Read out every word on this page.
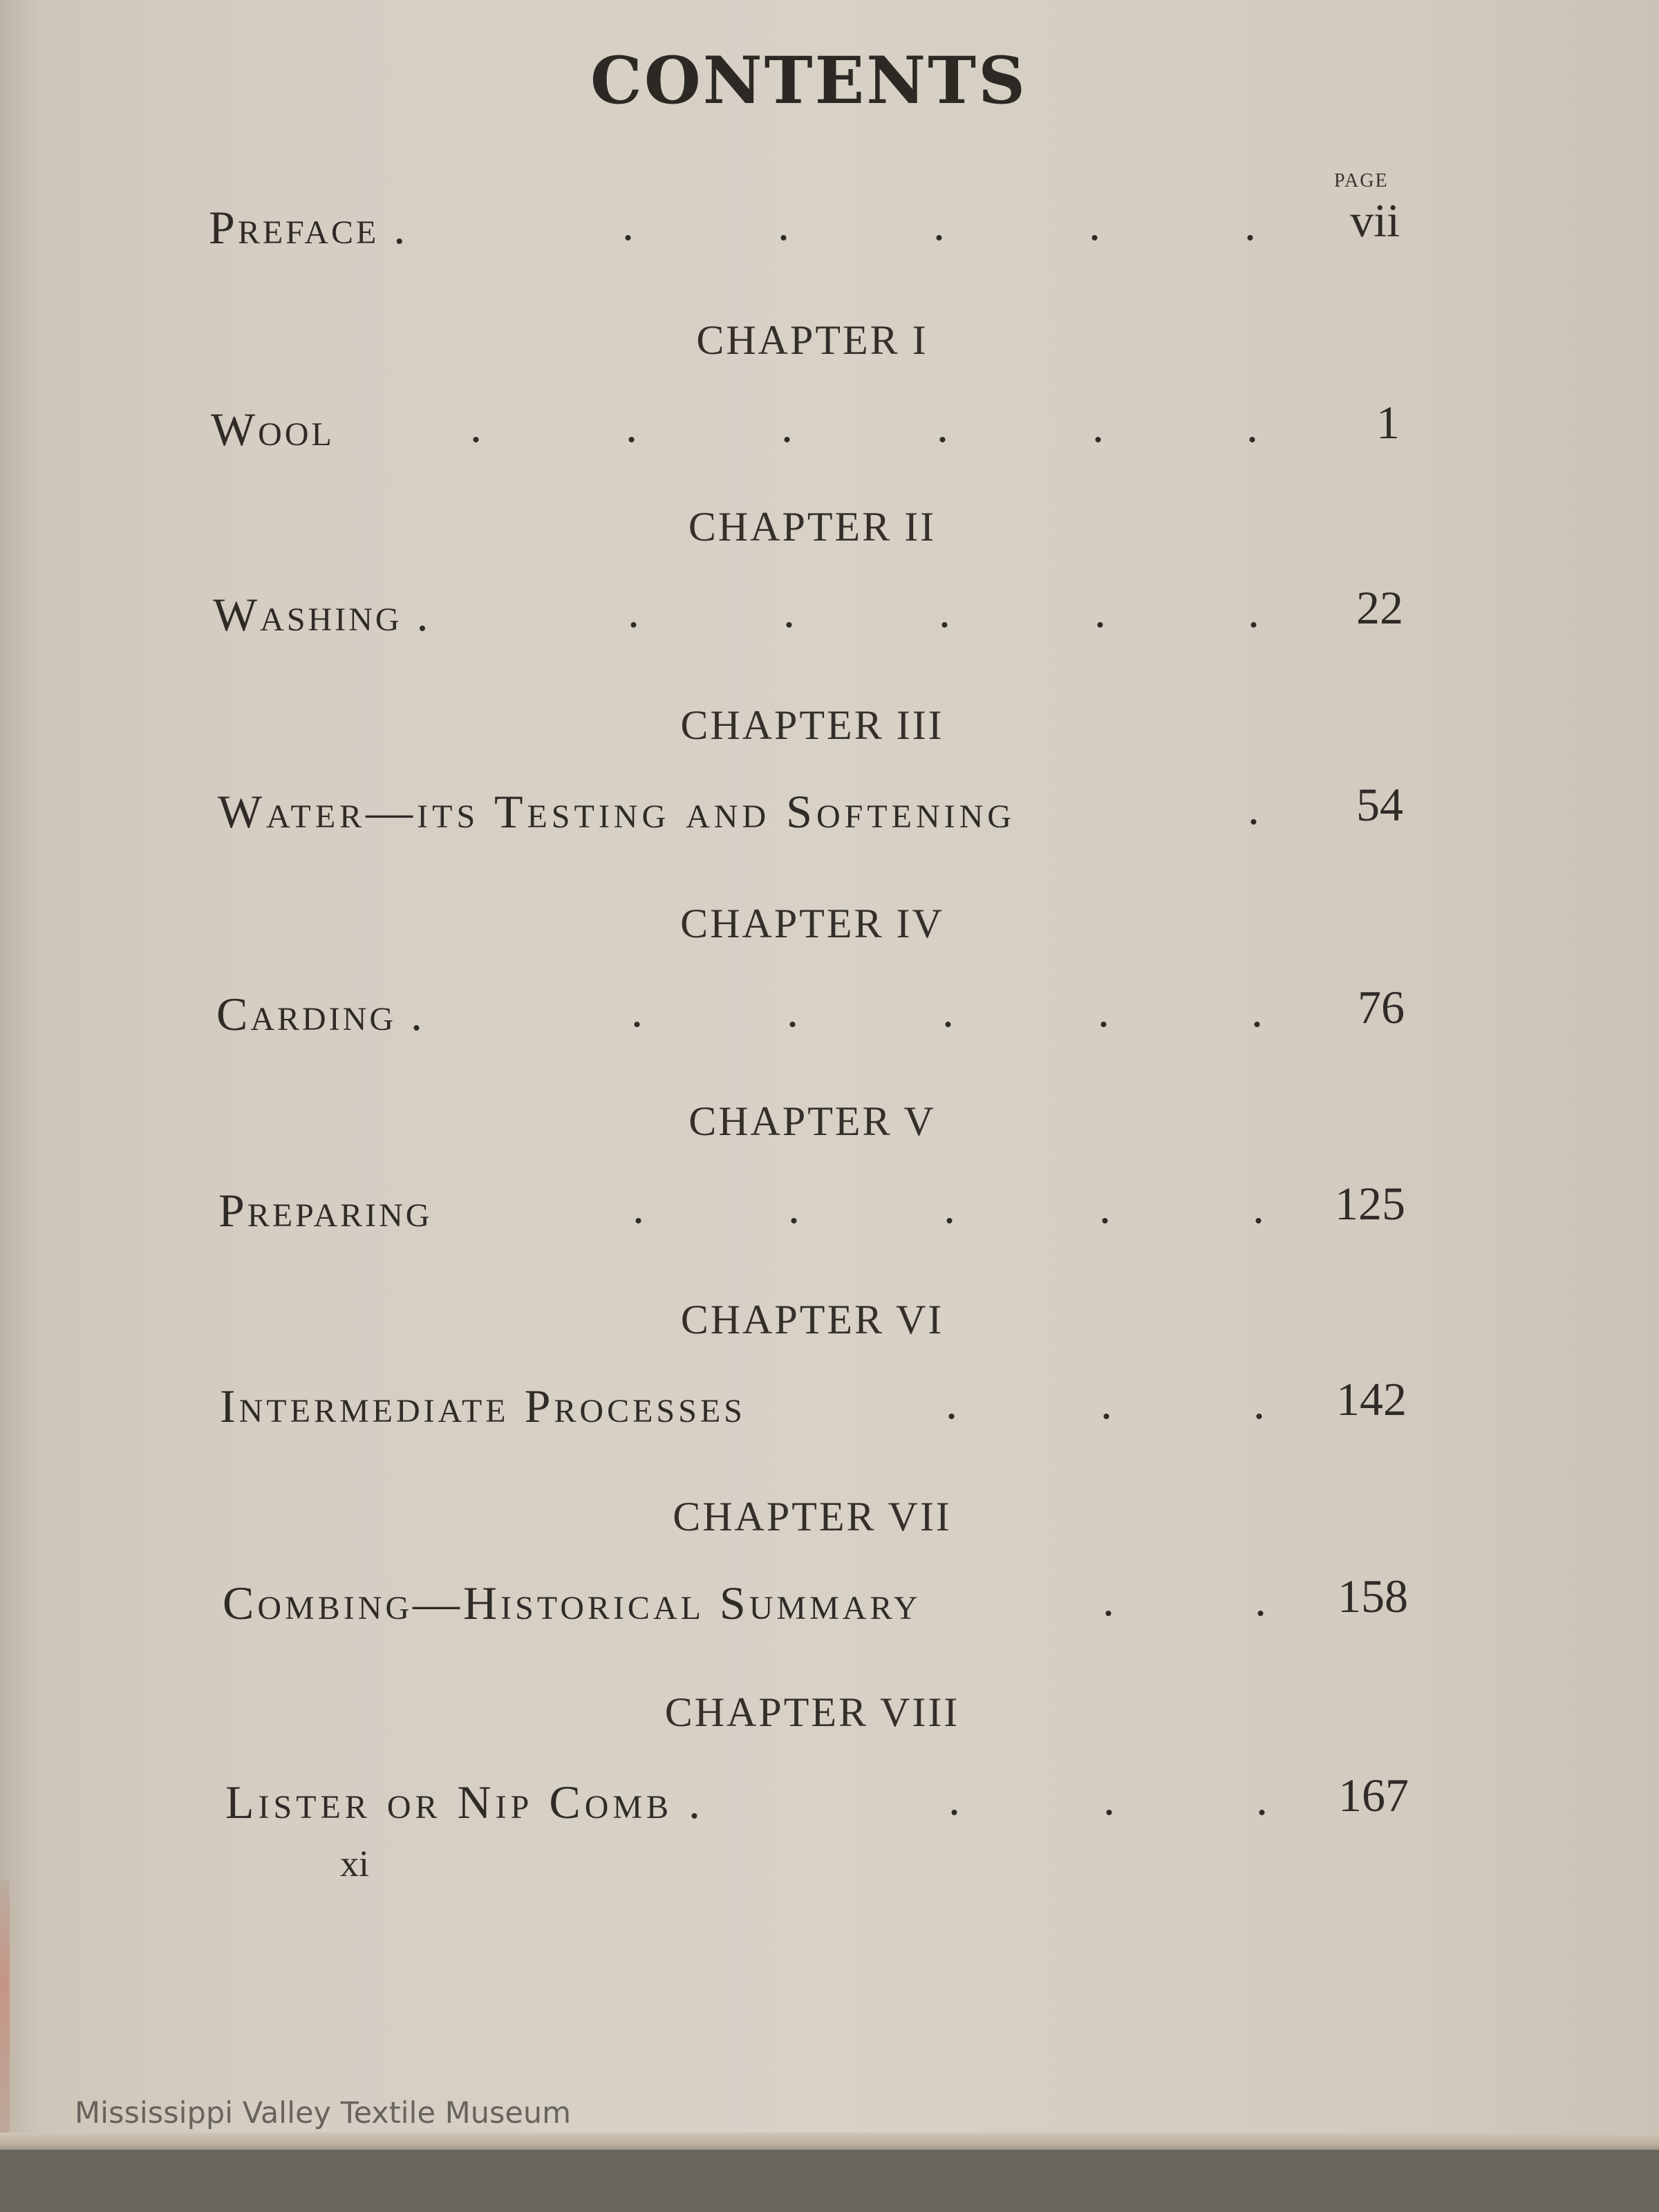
CONTENTS
PAGE
Preface .	.	.	.	.	.	vii
CHAPTER I
Wool	.	.	.	.	.	.	1
CHAPTER II
Washing .	.	.	.	.	.	22
CHAPTER III
Water—its Testing and Softening	.	54
CHAPTER IV
Carding .	.	.	.	.	.	76
CHAPTER V
Preparing	.	.	.	.	.	125
CHAPTER VI
Intermediate Processes	.	.	.	142
CHAPTER VII
Combing—Historical Summary	.	.	158
CHAPTER VIII
Lister or Nip Comb .	.	.	.	167
xi
Mississippi Valley Textile Museum
